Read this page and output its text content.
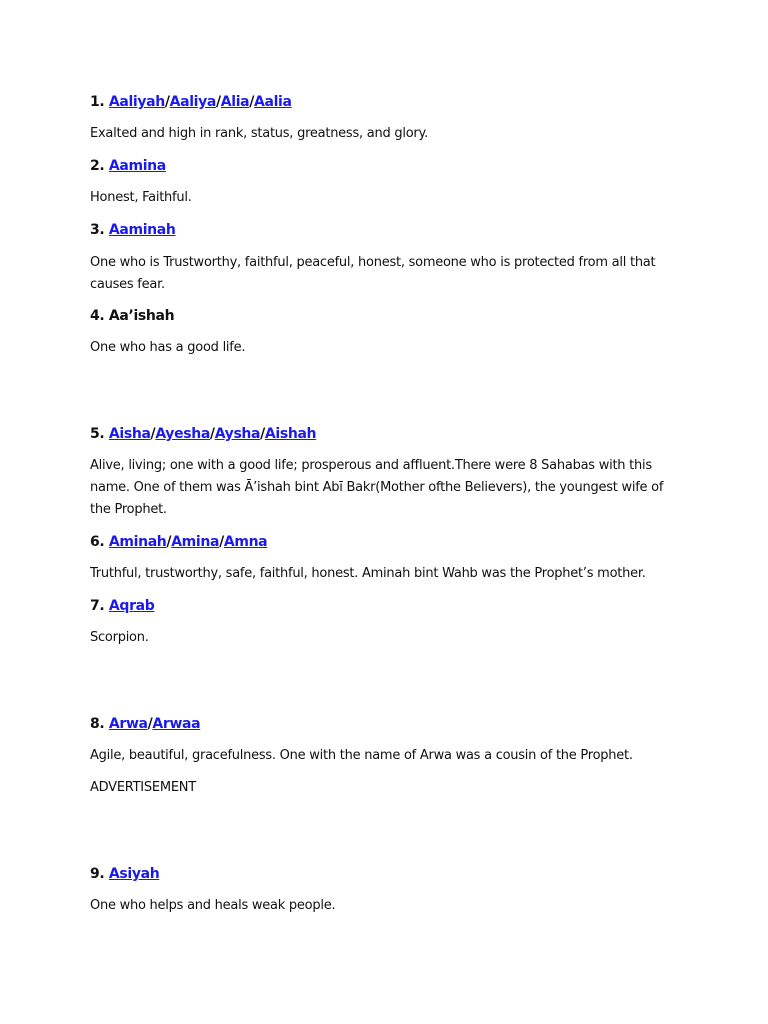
1. Aaliyah/Aaliya/Alia/Aalia
Exalted and high in rank, status, greatness, and glory.
2. Aamina
Honest, Faithful.
3. Aaminah
One who is Trustworthy, faithful, peaceful, honest, someone who is protected from all that causes fear.
4. Aa’ishah
One who has a good life.
5. Aisha/Ayesha/Aysha/Aishah
Alive, living; one with a good life; prosperous and affluent.There were 8 Sahabas with this name. One of them was Ā’ishah bint Abī Bakr(Mother ofthe Believers), the youngest wife of the Prophet.
6. Aminah/Amina/Amna
Truthful, trustworthy, safe, faithful, honest. Aminah bint Wahb was the Prophet’s mother.
7. Aqrab
Scorpion.
8. Arwa/Arwaa
Agile, beautiful, gracefulness. One with the name of Arwa was a cousin of the Prophet.
ADVERTISEMENT
9. Asiyah
One who helps and heals weak people.
